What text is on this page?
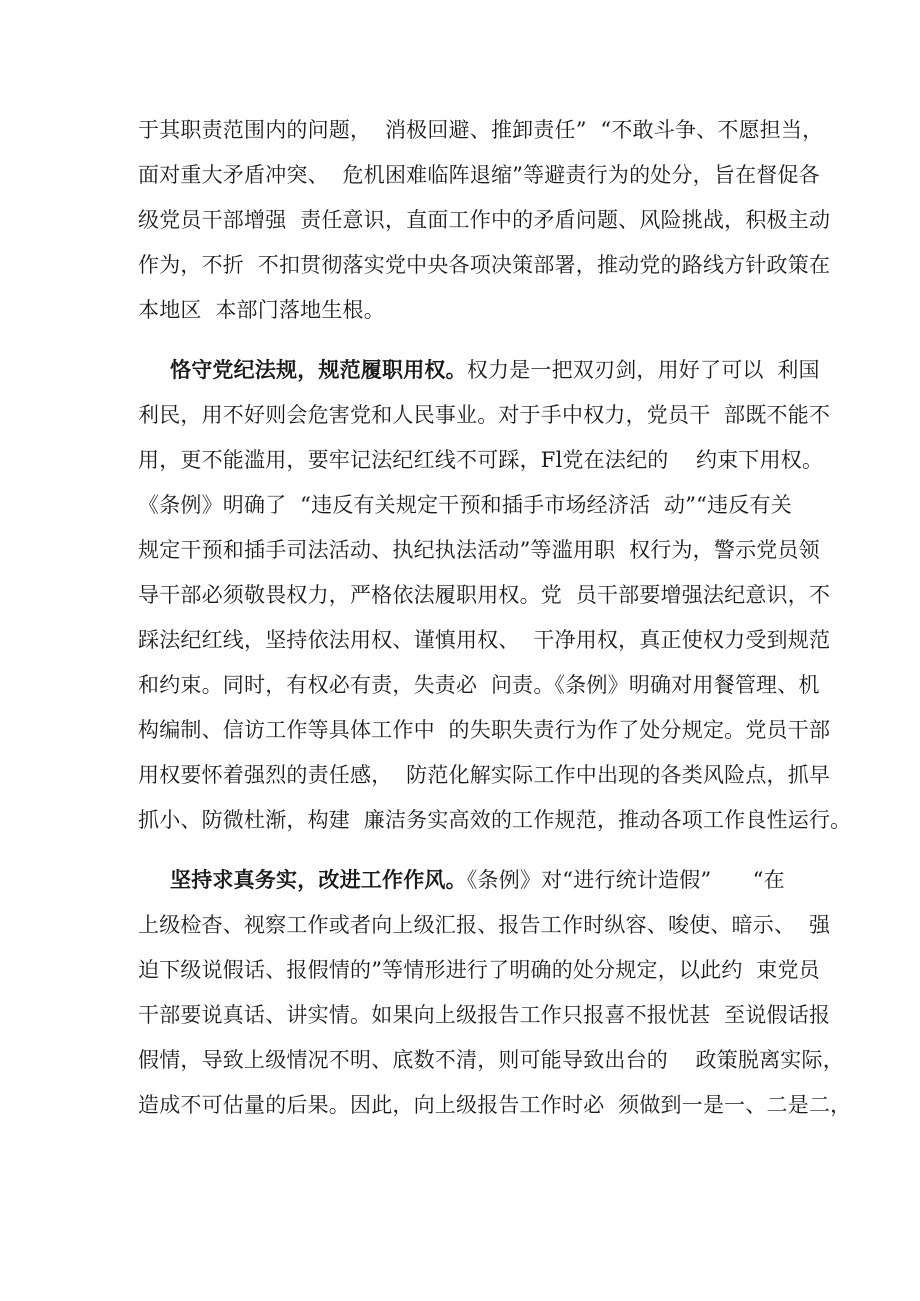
于其职责范围内的问题，  消极回避、推卸责任”  “不敢斗争、不愿担当，
面对重大矛盾冲突、  危机困难临阵退缩”等避责行为的处分，旨在督促各
级党员干部增强  责任意识，直面工作中的矛盾问题、风险挑战，积极主动
作为，不折  不扣贯彻落实党中央各项决策部署，推动党的路线方针政策在
本地区  本部门落地生根。
恪守党纪法规，规范履职用权。权力是一把双刃剑，用好了可以  利国
利民，用不好则会危害党和人民事业。对于手中权力，党员干  部既不能不
用，更不能滥用，要牢记法纪红线不可踩，Fl党在法纪的    约束下用权。
《条例》明确了  “违反有关规定干预和插手市场经济活  动”“违反有关
规定干预和插手司法活动、执纪执法活动”等滥用职  权行为，警示党员领
导干部必须敬畏权力，严格依法履职用权。党  员干部要增强法纪意识，不
踩法纪红线，坚持依法用权、谨慎用权、  干净用权，真正使权力受到规范
和约束。同时，有权必有责，失责必  问责。《条例》明确对用餐管理、机
构编制、信访工作等具体工作中  的失职失责行为作了处分规定。党员干部
用权要怀着强烈的责任感，  防范化解实际工作中出现的各类风险点，抓早
抓小、防微杜渐，构建  廉洁务实高效的工作规范，推动各项工作良性运行。
坚持求真务实，改进工作作风。《条例》对“进行统计造假”      “在
上级检杳、视察工作或者向上级汇报、报告工作时纵容、唆使、暗示、  强
迫下级说假话、报假情的”等情形进行了明确的处分规定，以此约  束党员
干部要说真话、讲实情。如果向上级报告工作只报喜不报忧甚  至说假话报
假情，导致上级情况不明、底数不清，则可能导致出台的    政策脱离实际，
造成不可估量的后果。因此，向上级报告工作时必  须做到一是一、二是二，
